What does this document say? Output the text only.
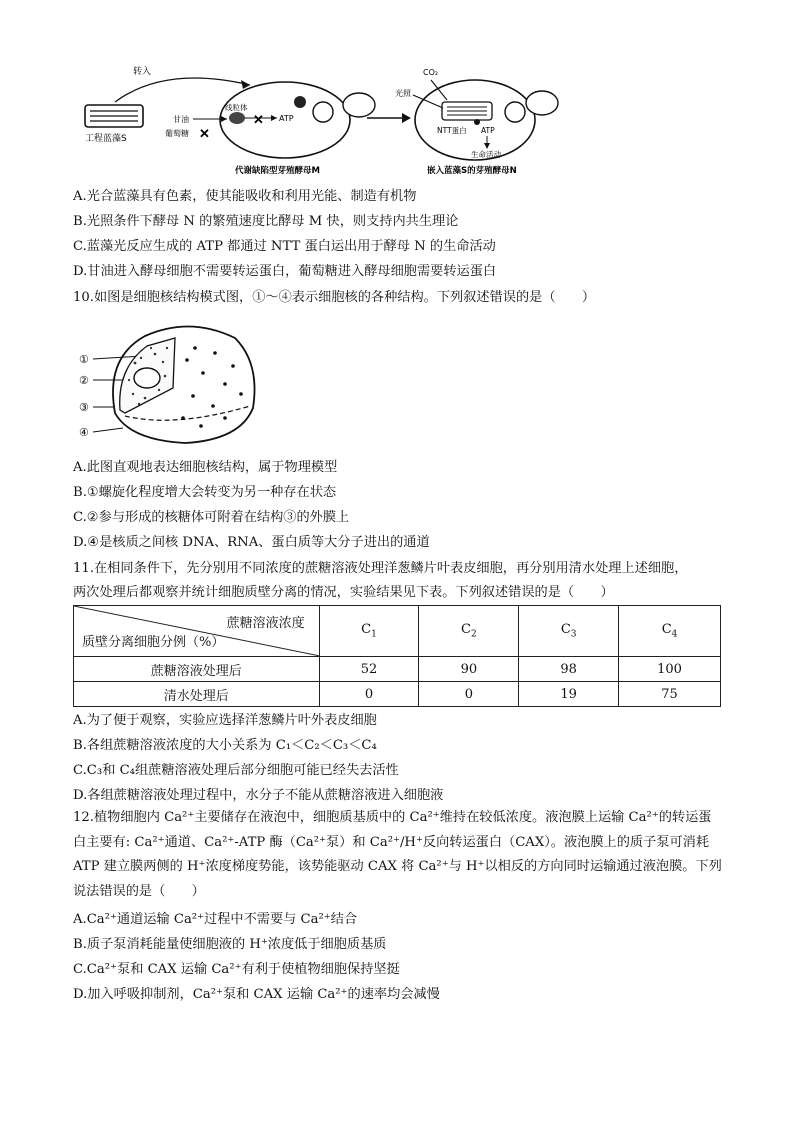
工程蓝藻S
转入
线粒体
甘油
葡萄糖 ✕
✕ ATP
代谢缺陷型芽殖酵母M
CO₂
光照
NTT蛋白 ATP
生命活动
嵌入蓝藻S的芽殖酵母N
A.光合蓝藻具有色素，使其能吸收和利用光能、制造有机物
B.光照条件下酵母 N 的繁殖速度比酵母 M 快，则支持内共生理论
C.蓝藻光反应生成的 ATP 都通过 NTT 蛋白运出用于酵母 N 的生命活动
D.甘油进入酵母细胞不需要转运蛋白，葡萄糖进入酵母细胞需要转运蛋白
10.如图是细胞核结构模式图，①～④表示细胞核的各种结构。下列叙述错误的是（　　）
①
②
③
④
A.此图直观地表达细胞核结构，属于物理模型
B.①螺旋化程度增大会转变为另一种存在状态
C.②参与形成的核糖体可附着在结构③的外膜上
D.④是核质之间核 DNA、RNA、蛋白质等大分子进出的通道
11.在相同条件下，先分别用不同浓度的蔗糖溶液处理洋葱鳞片叶表皮细胞，再分别用清水处理上述细胞，
两次处理后都观察并统计细胞质壁分离的情况，实验结果见下表。下列叙述错误的是（　　）
蔗糖溶液浓度
质壁分离细胞分例（%）	$C_1$	$C_2$	$C_3$	$C_4$
蔗糖溶液处理后	52	90	98	100
清水处理后	0	0	19	75
A.为了便于观察，实验应选择洋葱鳞片叶外表皮细胞
B.各组蔗糖溶液浓度的大小关系为 C₁＜C₂＜C₃＜C₄
C.C₃和 C₄组蔗糖溶液处理后部分细胞可能已经失去活性
D.各组蔗糖溶液处理过程中，水分子不能从蔗糖溶液进入细胞液
12.植物细胞内 Ca²⁺主要储存在液泡中，细胞质基质中的 Ca²⁺维持在较低浓度。液泡膜上运输 Ca²⁺的转运蛋白主要有: Ca²⁺通道、Ca²⁺-ATP 酶（Ca²⁺泵）和 Ca²⁺/H⁺反向转运蛋白（CAX）。液泡膜上的质子泵可消耗 ATP 建立膜两侧的 H⁺浓度梯度势能，该势能驱动 CAX 将 Ca²⁺与 H⁺以相反的方向同时运输通过液泡膜。下列说法错误的是（　　）
A.Ca²⁺通道运输 Ca²⁺过程中不需要与 Ca²⁺结合
B.质子泵消耗能量使细胞液的 H⁺浓度低于细胞质基质
C.Ca²⁺泵和 CAX 运输 Ca²⁺有利于使植物细胞保持坚挺
D.加入呼吸抑制剂，Ca²⁺泵和 CAX 运输 Ca²⁺的速率均会减慢
